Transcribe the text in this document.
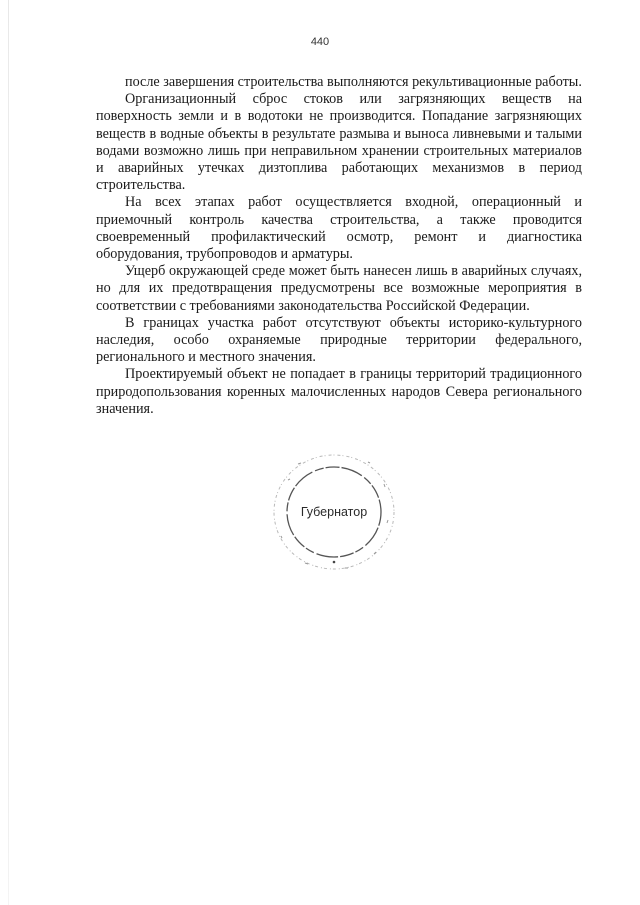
440

после завершения строительства выполняются рекультивационные работы.

Организационный сброс стоков или загрязняющих веществ на поверхность земли и в водотоки не производится. Попадание загрязняющих веществ в водные объекты в результате размыва и выноса ливневыми и талыми водами возможно лишь при неправильном хранении строительных материалов и аварийных утечках дизтоплива работающих механизмов в период строительства.

На всех этапах работ осуществляется входной, операционный и приемочный контроль качества строительства, а также проводится своевременный профилактический осмотр, ремонт и диагностика оборудования, трубопроводов и арматуры.

Ущерб окружающей среде может быть нанесен лишь в аварийных случаях, но для их предотвращения предусмотрены все возможные мероприятия в соответствии с требованиями законодательства Российской Федерации.

В границах участка работ отсутствуют объекты историко-культурного наследия, особо охраняемые природные территории федерального, регионального и местного значения.

Проектируемый объект не попадает в границы территорий традиционного природопользования коренных малочисленных народов Севера регионального значения.

Губернатор
